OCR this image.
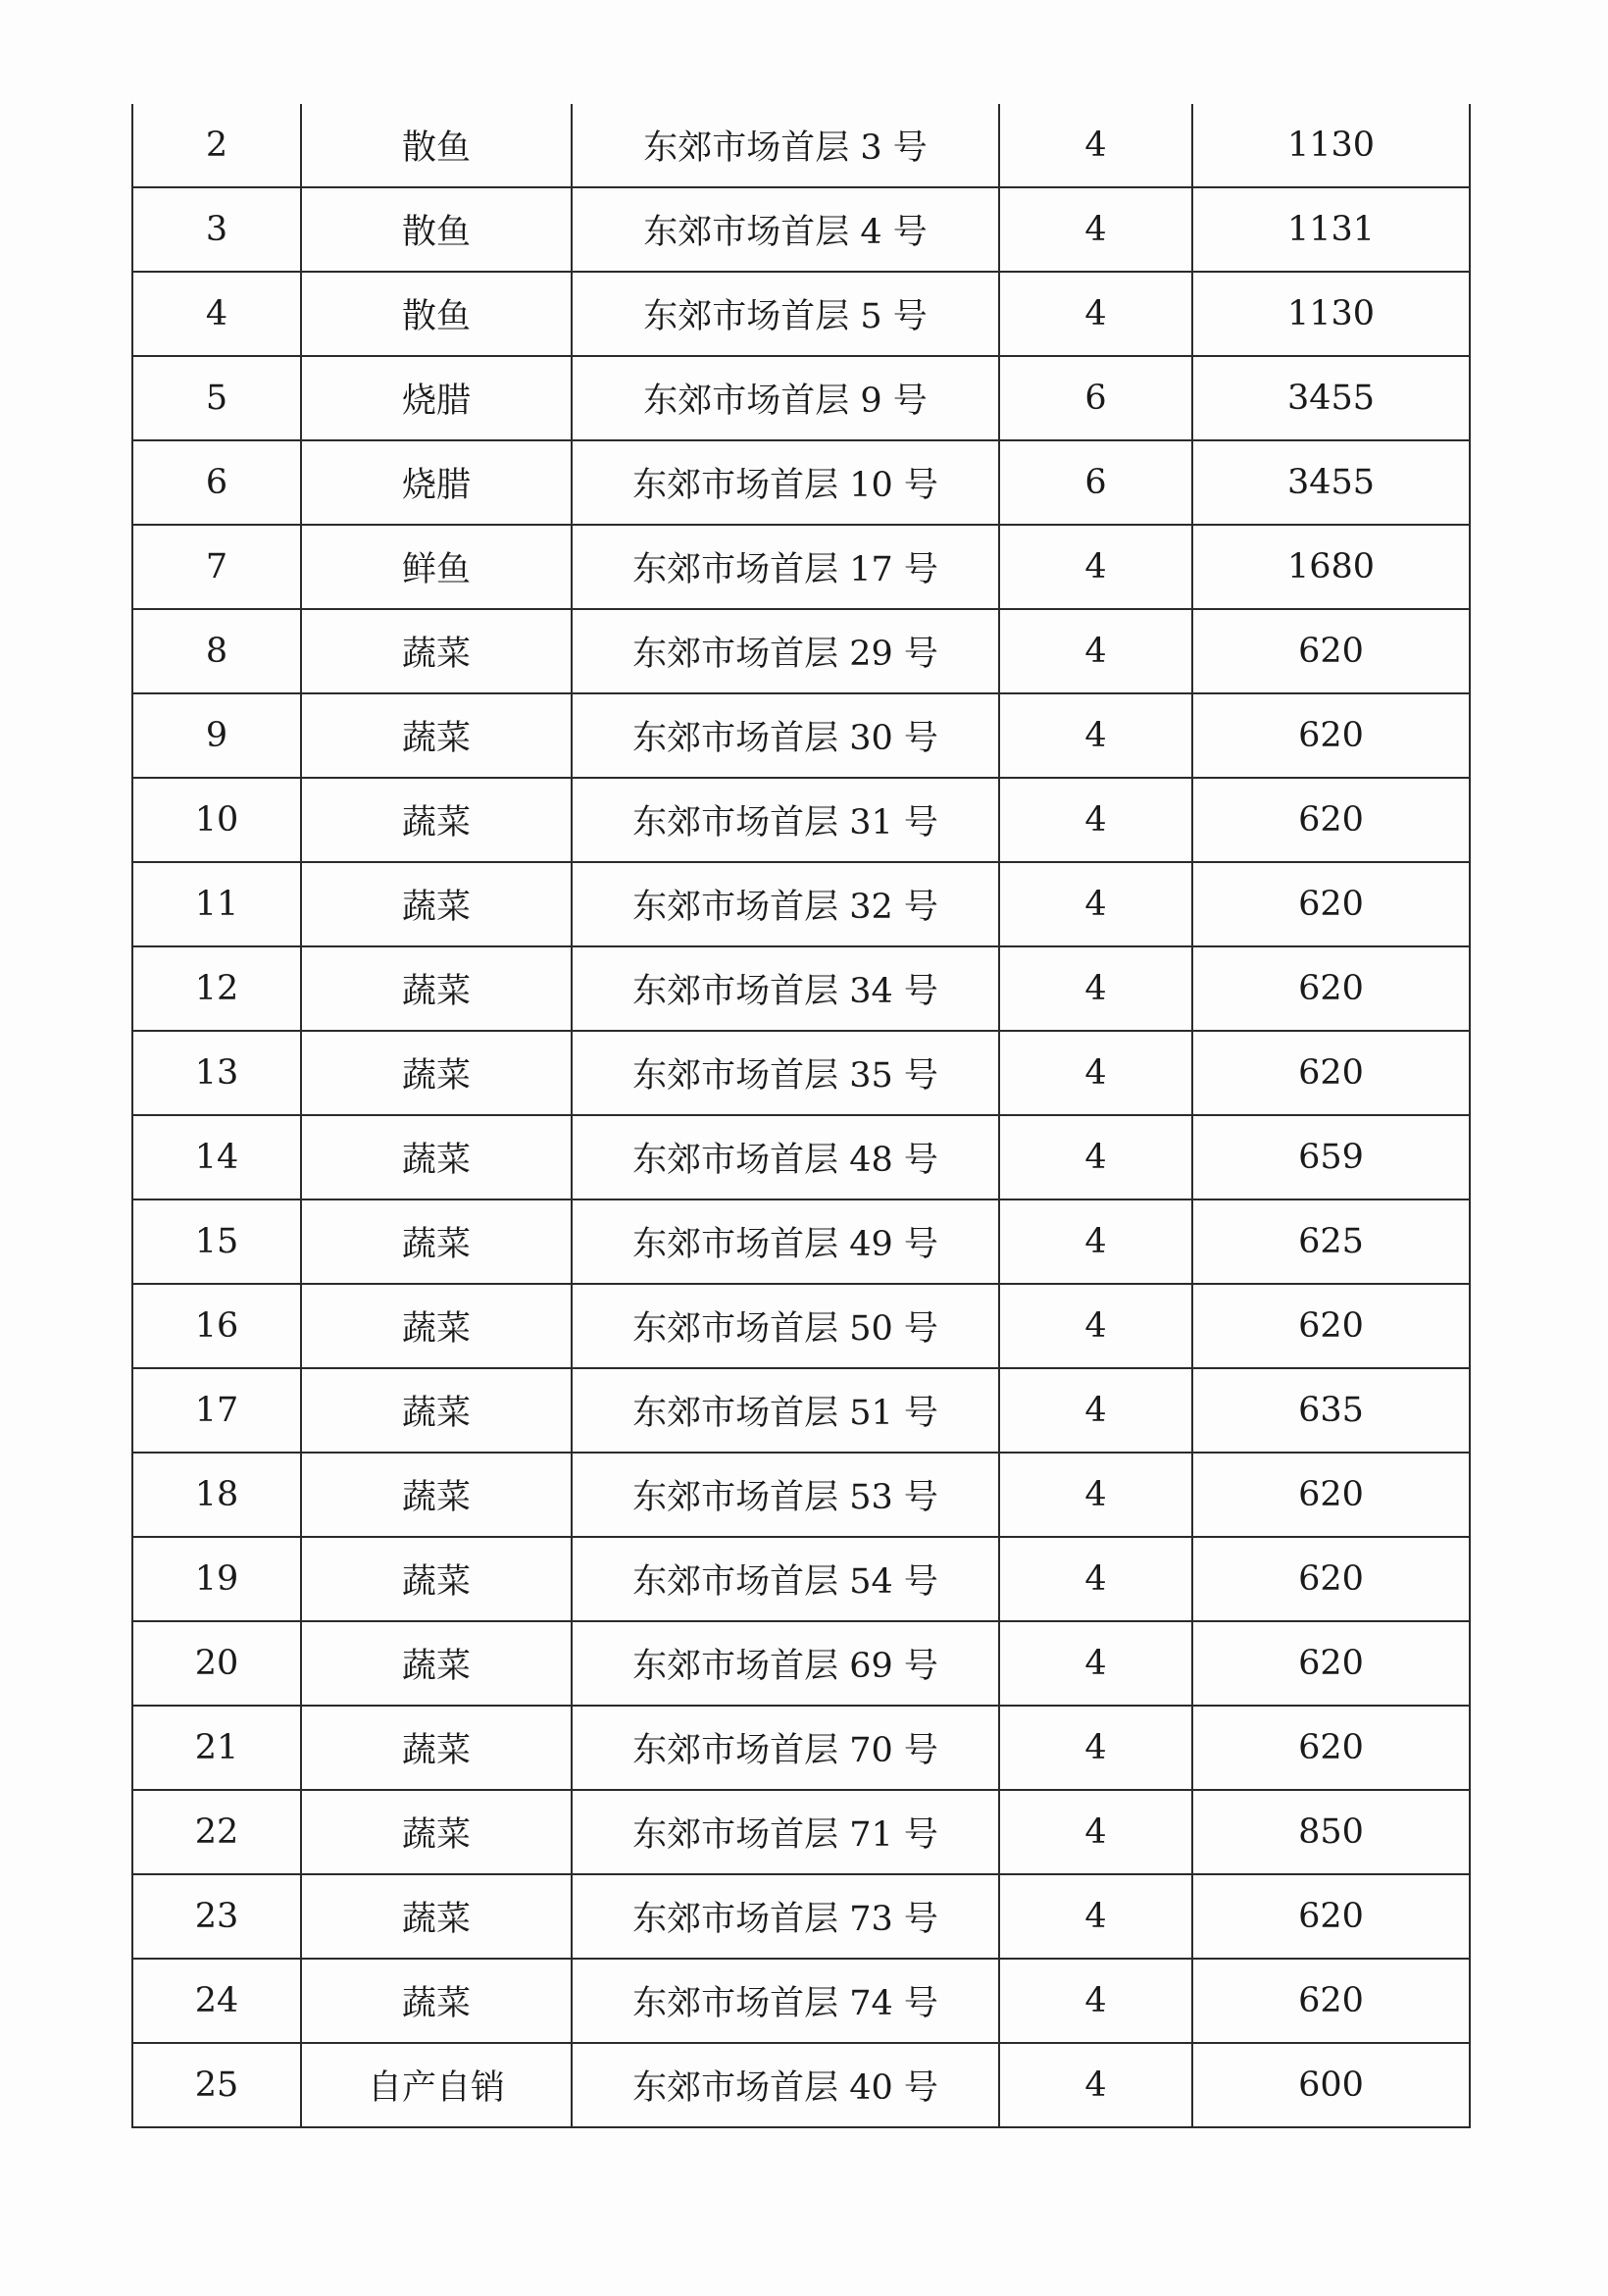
2	散鱼	东郊市场首层 3 号	4	1130
3	散鱼	东郊市场首层 4 号	4	1131
4	散鱼	东郊市场首层 5 号	4	1130
5	烧腊	东郊市场首层 9 号	6	3455
6	烧腊	东郊市场首层 10 号	6	3455
7	鲜鱼	东郊市场首层 17 号	4	1680
8	蔬菜	东郊市场首层 29 号	4	620
9	蔬菜	东郊市场首层 30 号	4	620
10	蔬菜	东郊市场首层 31 号	4	620
11	蔬菜	东郊市场首层 32 号	4	620
12	蔬菜	东郊市场首层 34 号	4	620
13	蔬菜	东郊市场首层 35 号	4	620
14	蔬菜	东郊市场首层 48 号	4	659
15	蔬菜	东郊市场首层 49 号	4	625
16	蔬菜	东郊市场首层 50 号	4	620
17	蔬菜	东郊市场首层 51 号	4	635
18	蔬菜	东郊市场首层 53 号	4	620
19	蔬菜	东郊市场首层 54 号	4	620
20	蔬菜	东郊市场首层 69 号	4	620
21	蔬菜	东郊市场首层 70 号	4	620
22	蔬菜	东郊市场首层 71 号	4	850
23	蔬菜	东郊市场首层 73 号	4	620
24	蔬菜	东郊市场首层 74 号	4	620
25	自产自销	东郊市场首层 40 号	4	600
